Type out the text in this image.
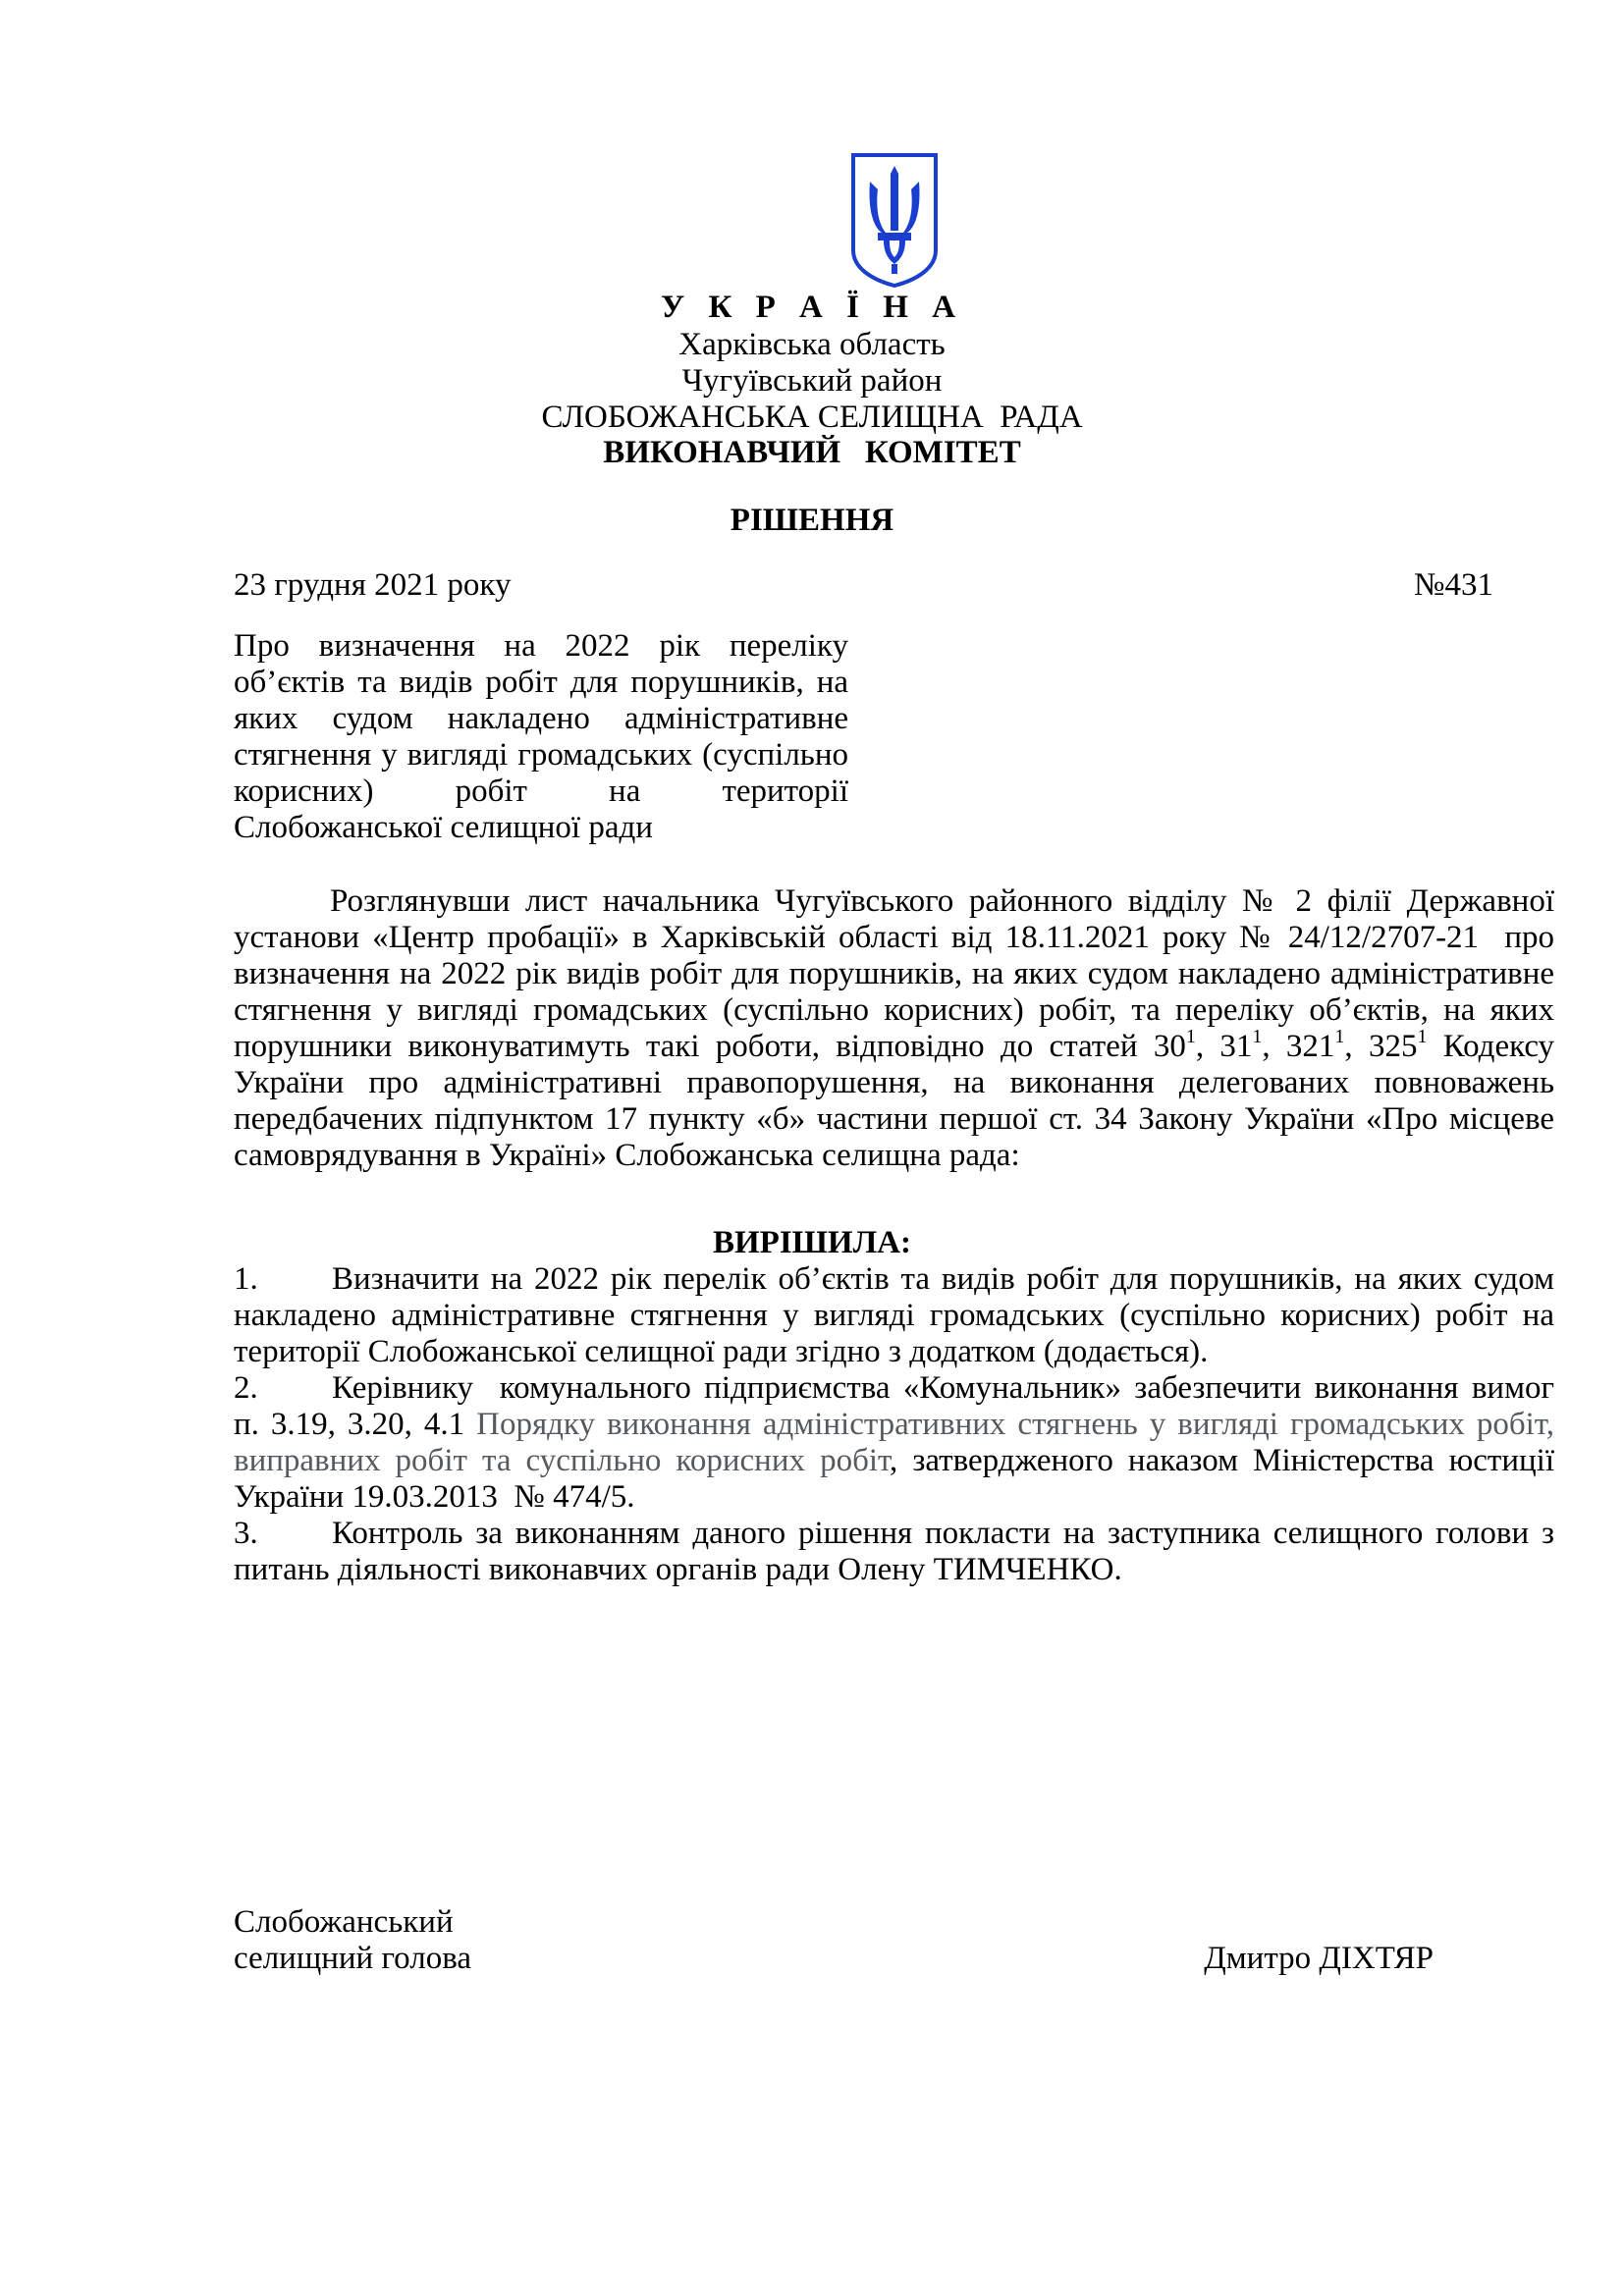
У К Р А Ї Н А
Харківська область
Чугуївський район
СЛОБОЖАНСЬКА СЕЛИЩНА  РАДА
ВИКОНАВЧИЙ   КОМІТЕТ
РІШЕННЯ
23 грудня 2021 року	№431
Про визначення на 2022 рік переліку
об’єктів та видів робіт для порушників, на
яких судом накладено адміністративне
стягнення у вигляді громадських (суспільно
корисних)       робіт       на       території
Слобожанської селищної ради
Розглянувши лист начальника Чугуївського районного відділу № 2 філії Державної
установи «Центр пробації» в Харківській області від 18.11.2021 року № 24/12/2707-21  про
визначення на 2022 рік видів робіт для порушників, на яких судом накладено адміністративне
стягнення у вигляді громадських (суспільно корисних) робіт, та переліку об’єктів, на яких
порушники виконуватимуть такі роботи, відповідно до статей $30^1$, $31^1$, $321^1$, $325^1$ Кодексу
України про адміністративні правопорушення, на виконання делегованих повноважень
передбачених підпунктом 17 пункту «б» частини першої ст. 34 Закону України «Про місцеве
самоврядування в Україні» Слобожанська селищна рада:
ВИРІШИЛА:
1. Визначити на 2022 рік перелік об’єктів та видів робіт для порушників, на яких судом
накладено адміністративне стягнення у вигляді громадських (суспільно корисних) робіт на
території Слобожанської селищної ради згідно з додатком (додається).
2. Керівнику  комунального підприємства «Комунальник» забезпечити виконання вимог
п. 3.19, 3.20, 4.1 Порядку виконання адміністративних стягнень у вигляді громадських робіт,
виправних робіт та суспільно корисних робіт, затвердженого наказом Міністерства юстиції
України 19.03.2013  № 474/5.
3. Контроль за виконанням даного рішення покласти на заступника селищного голови з
питань діяльності виконавчих органів ради Олену ТИМЧЕНКО.
Слобожанський
селищний голова	Дмитро ДІХТЯР
